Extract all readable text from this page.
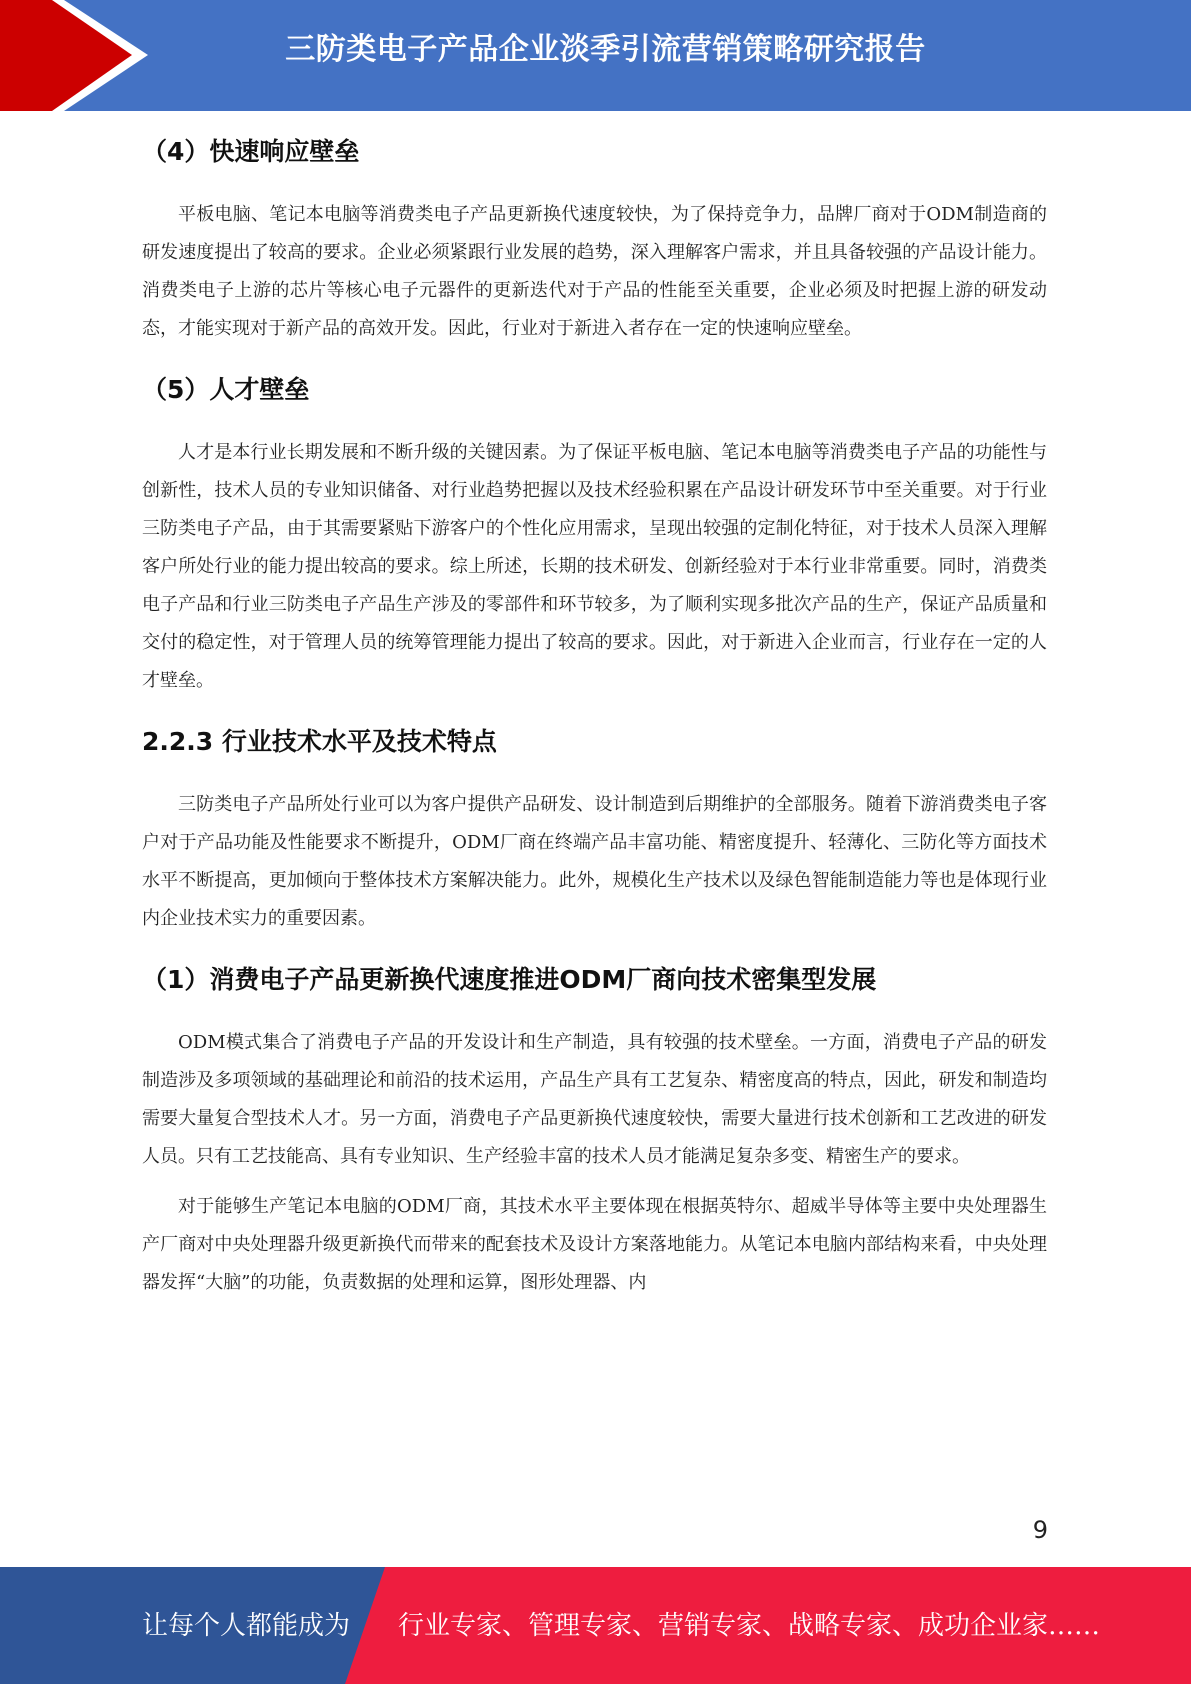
三防类电子产品企业淡季引流营销策略研究报告
（4）快速响应壁垒

平板电脑、笔记本电脑等消费类电子产品更新换代速度较快，为了保持竞争力，品牌厂商对于ODM制造商的研发速度提出了较高的要求。企业必须紧跟行业发展的趋势，深入理解客户需求，并且具备较强的产品设计能力。消费类电子上游的芯片等核心电子元器件的更新迭代对于产品的性能至关重要，企业必须及时把握上游的研发动态，才能实现对于新产品的高效开发。因此，行业对于新进入者存在一定的快速响应壁垒。

（5）人才壁垒

人才是本行业长期发展和不断升级的关键因素。为了保证平板电脑、笔记本电脑等消费类电子产品的功能性与创新性，技术人员的专业知识储备、对行业趋势把握以及技术经验积累在产品设计研发环节中至关重要。对于行业三防类电子产品，由于其需要紧贴下游客户的个性化应用需求，呈现出较强的定制化特征，对于技术人员深入理解客户所处行业的能力提出较高的要求。综上所述，长期的技术研发、创新经验对于本行业非常重要。同时，消费类电子产品和行业三防类电子产品生产涉及的零部件和环节较多，为了顺利实现多批次产品的生产，保证产品质量和交付的稳定性，对于管理人员的统筹管理能力提出了较高的要求。因此，对于新进入企业而言，行业存在一定的人才壁垒。

2.2.3 行业技术水平及技术特点

三防类电子产品所处行业可以为客户提供产品研发、设计制造到后期维护的全部服务。随着下游消费类电子客户对于产品功能及性能要求不断提升，ODM厂商在终端产品丰富功能、精密度提升、轻薄化、三防化等方面技术水平不断提高，更加倾向于整体技术方案解决能力。此外，规模化生产技术以及绿色智能制造能力等也是体现行业内企业技术实力的重要因素。

（1）消费电子产品更新换代速度推进ODM厂商向技术密集型发展

ODM模式集合了消费电子产品的开发设计和生产制造，具有较强的技术壁垒。一方面，消费电子产品的研发制造涉及多项领域的基础理论和前沿的技术运用，产品生产具有工艺复杂、精密度高的特点，因此，研发和制造均需要大量复合型技术人才。另一方面，消费电子产品更新换代速度较快，需要大量进行技术创新和工艺改进的研发人员。只有工艺技能高、具有专业知识、生产经验丰富的技术人员才能满足复杂多变、精密生产的要求。

对于能够生产笔记本电脑的ODM厂商，其技术水平主要体现在根据英特尔、超威半导体等主要中央处理器生产厂商对中央处理器升级更新换代而带来的配套技术及设计方案落地能力。从笔记本电脑内部结构来看，中央处理器发挥“大脑”的功能，负责数据的处理和运算，图形处理器、内

9
让每个人都能成为 行业专家、管理专家、营销专家、战略专家、成功企业家……
